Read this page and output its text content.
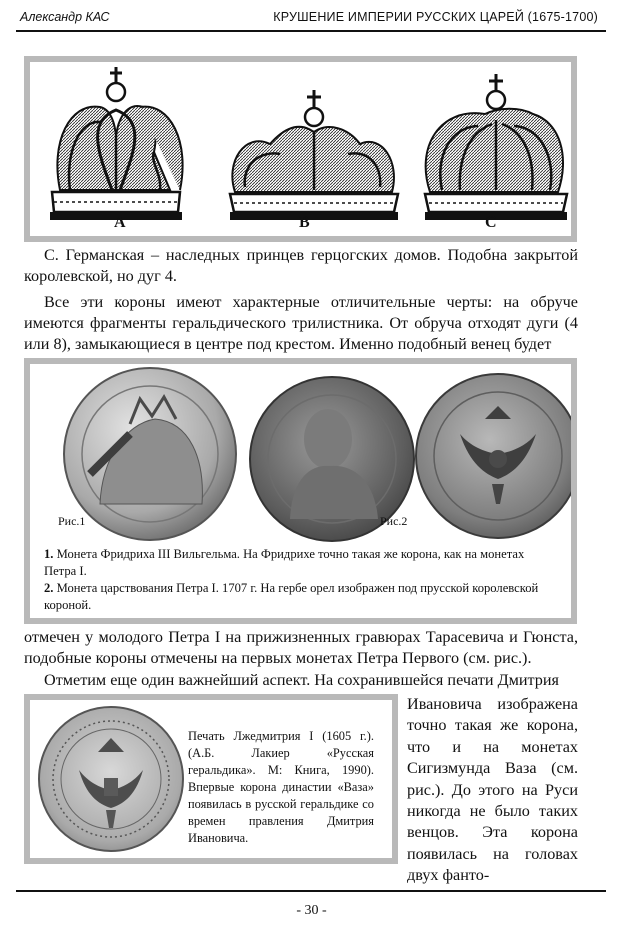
Александр КАС	КРУШЕНИЕ ИМПЕРИИ РУССКИХ ЦАРЕЙ (1675-1700)
A	B	C
C. Германская – наследных принцев герцогских домов. Подобна закрытой королевской, но дуг 4.
Все эти короны имеют характерные отличительные черты: на обруче имеются фрагменты геральдического трилистника. От обруча отходят дуги (4 или 8), замыкающиеся в центре под крестом. Именно подобный венец будет
Рис.1	Рис.2
1. Монета Фридриха III Вильгельма. На Фридрихе точно такая же корона, как на монетах Петра I.
2. Монета царствования Петра I. 1707 г. На гербе орел изображен под прусской королевской короной.
отмечен у молодого Петра I на прижизненных гравюрах Тарасевича и Гюнста, подобные короны отмечены на первых монетах Петра Первого (см. рис.).
Отметим еще один важнейший аспект. На сохранившейся печати Дмитрия
Печать Лжедмитрия I (1605 г.). (А.Б. Лакиер «Русская геральдика». М: Книга, 1990). Впервые корона династии «Ваза» появилась в русской геральдике со времен правления Дмитрия Ивановича.
Ивановича изображена точно такая же корона, что и на монетах Сигизмунда Ваза (см. рис.). До этого на Руси никогда не было таких венцов. Эта корона появилась на головах двух фанто-
- 30 -
